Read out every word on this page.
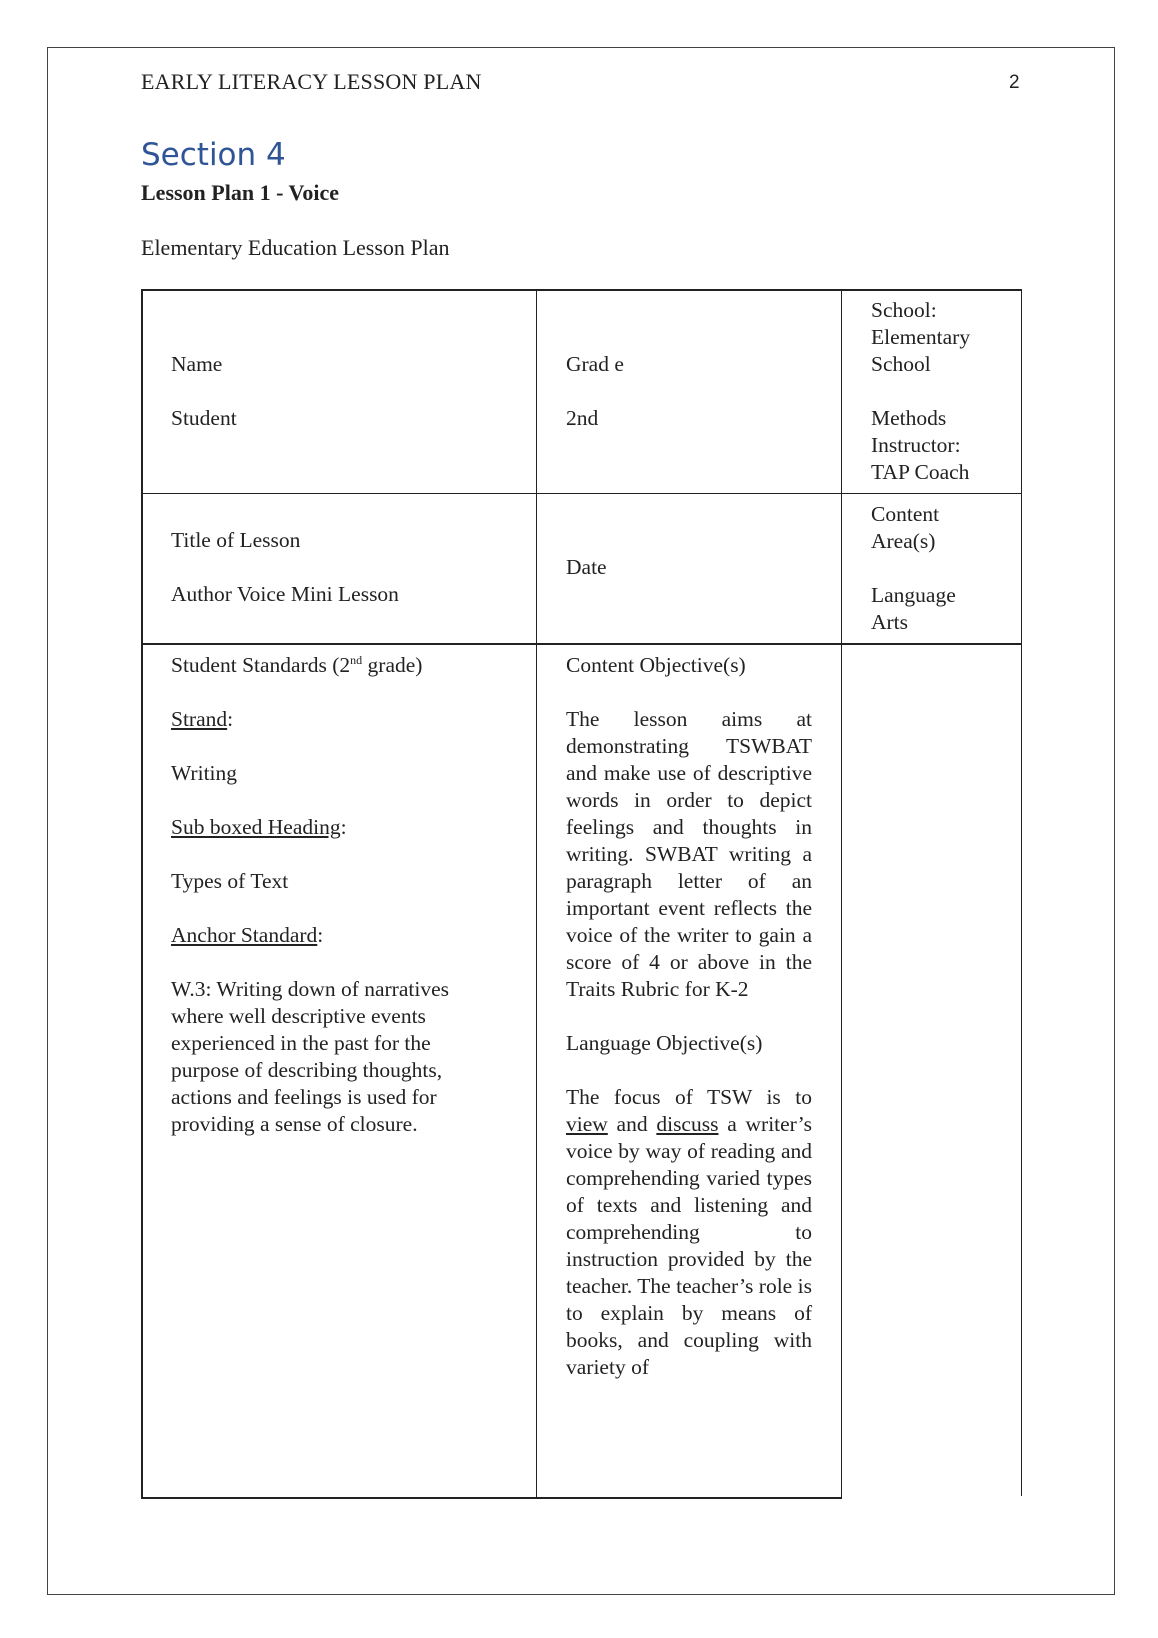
EARLY LITERACY LESSON PLAN	2
Section 4
Lesson Plan 1 - Voice
Elementary Education Lesson Plan

Name

Student

Grad e

2nd

School:

Elementary

School

Methods

Instructor:

TAP Coach

Title of Lesson

Author Voice Mini Lesson

Date

Content

Area(s)

Language

Arts

Student Standards (2nd grade)

Strand:

Writing

Sub boxed Heading:

Types of Text

Anchor Standard:

W.3: Writing down of narratives

where well descriptive events

experienced in the past for the

purpose of describing thoughts,

actions and feelings is used for

providing a sense of closure.

Content Objective(s)

The lesson aims at demonstrating TSWBAT and make use of descriptive words in order to depict feelings and thoughts in writing. SWBAT writing a paragraph letter of an important event reflects the voice of the writer to gain a score of 4 or above in the Traits Rubric for K-2

Language Objective(s)

The focus of TSW is to view and discuss a writer’s voice by way of reading and comprehending varied types of texts and listening and comprehending to instruction provided by the teacher. The teacher’s role is to explain by means of books, and coupling with variety of
